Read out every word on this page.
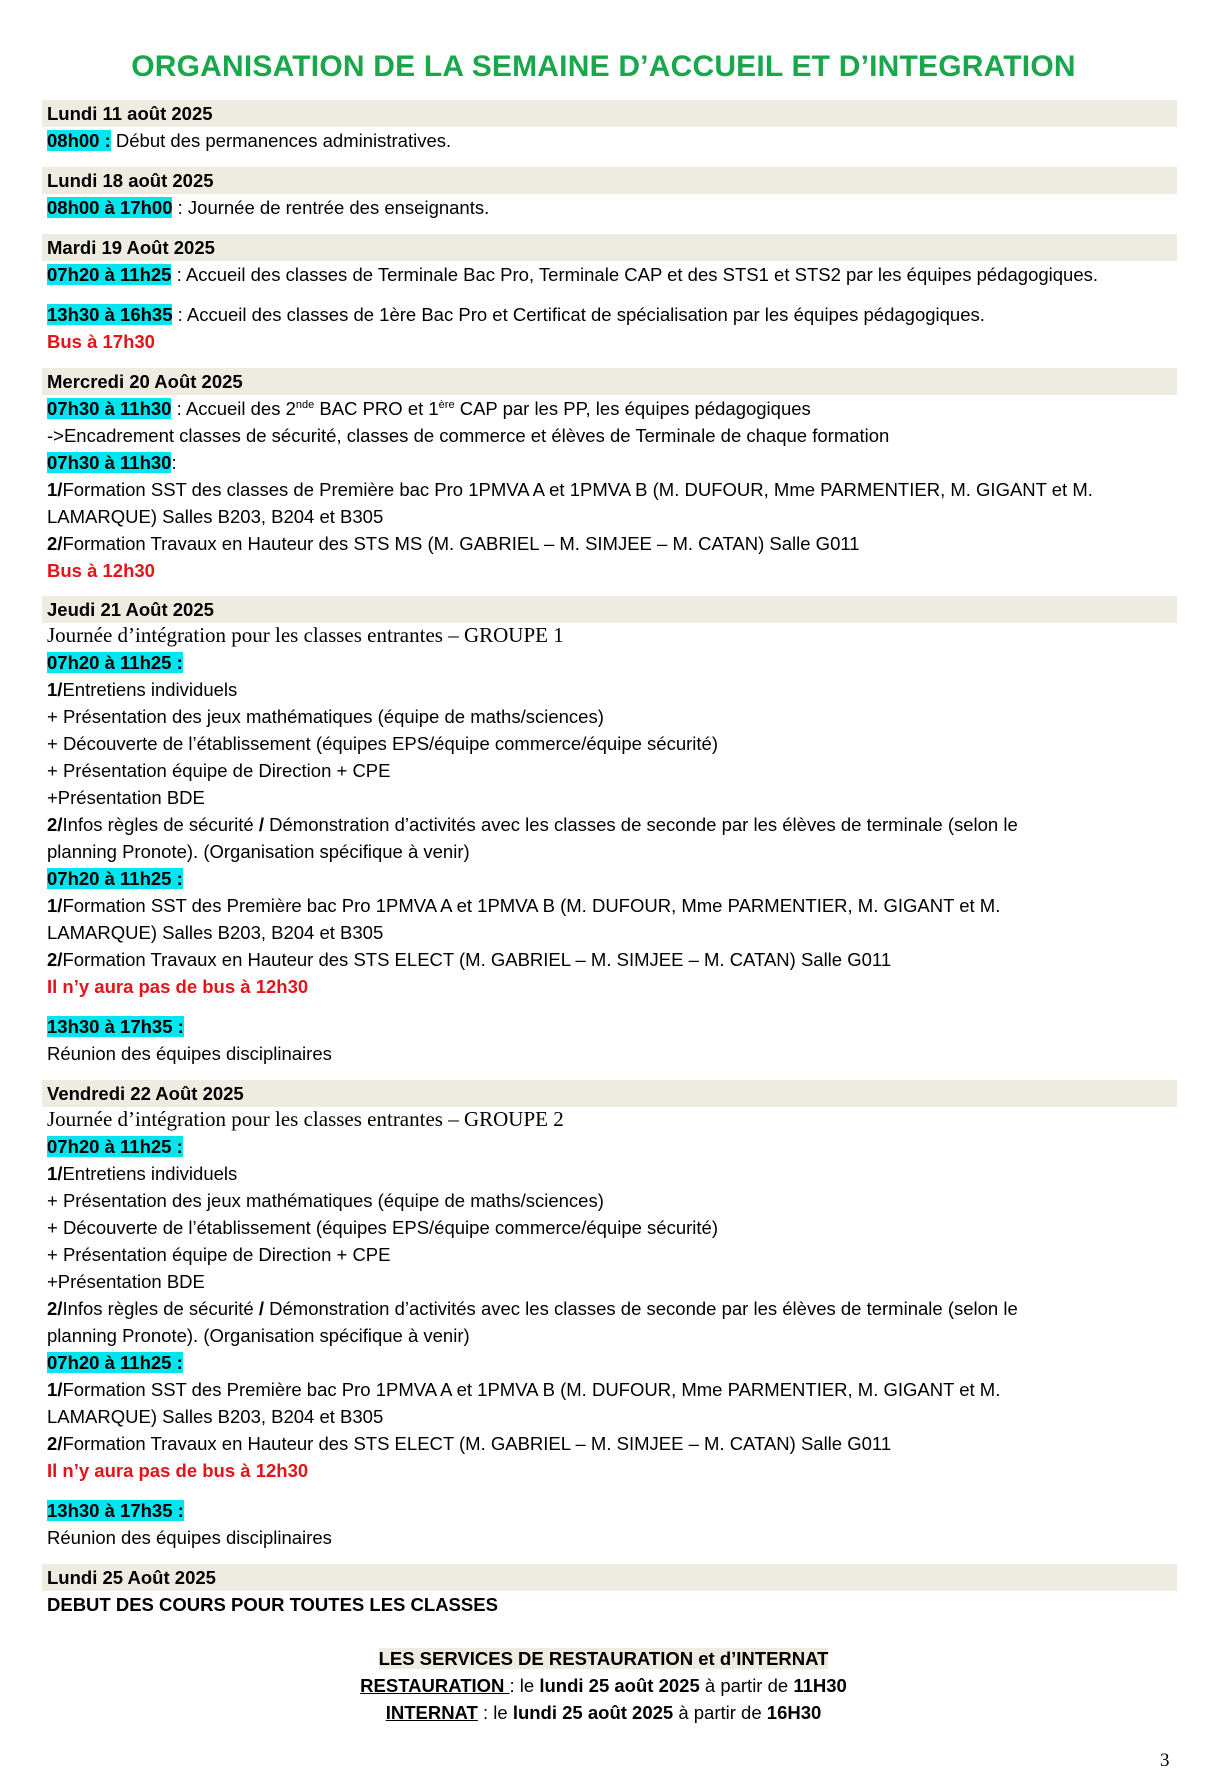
ORGANISATION DE LA SEMAINE D’ACCUEIL ET D’INTEGRATION
Lundi 11 août 2025
08h00 : Début des permanences administratives.
Lundi 18 août 2025
08h00 à 17h00 : Journée de rentrée des enseignants.
Mardi 19 Août 2025
07h20 à 11h25 : Accueil des classes de Terminale Bac Pro, Terminale CAP et des STS1 et STS2 par les équipes pédagogiques.
13h30 à 16h35 : Accueil des classes de 1ère Bac Pro et Certificat de spécialisation par les équipes pédagogiques.
Bus à 17h30
Mercredi 20 Août 2025
07h30 à 11h30 : Accueil des 2nde BAC PRO et 1ère CAP par les PP, les équipes pédagogiques
->Encadrement classes de sécurité, classes de commerce et élèves de Terminale de chaque formation
07h30 à 11h30:
1/Formation SST des classes de Première bac Pro 1PMVA A et 1PMVA B (M. DUFOUR, Mme PARMENTIER, M. GIGANT et M.
LAMARQUE) Salles B203, B204 et B305
2/Formation Travaux en Hauteur des STS MS (M. GABRIEL – M. SIMJEE – M. CATAN) Salle G011
Bus à 12h30
Jeudi 21 Août 2025
Journée d’intégration pour les classes entrantes – GROUPE 1
07h20 à 11h25 :
1/Entretiens individuels
+ Présentation des jeux mathématiques (équipe de maths/sciences)
+ Découverte de l’établissement (équipes EPS/équipe commerce/équipe sécurité)
+ Présentation équipe de Direction + CPE
+Présentation BDE
2/Infos règles de sécurité / Démonstration d’activités avec les classes de seconde par les élèves de terminale (selon le
planning Pronote). (Organisation spécifique à venir)
07h20 à 11h25 :
1/Formation SST des Première bac Pro 1PMVA A et 1PMVA B (M. DUFOUR, Mme PARMENTIER, M. GIGANT et M.
LAMARQUE) Salles B203, B204 et B305
2/Formation Travaux en Hauteur des STS ELECT (M. GABRIEL – M. SIMJEE – M. CATAN) Salle G011
Il n’y aura pas de bus à 12h30
13h30 à 17h35 :
Réunion des équipes disciplinaires
Vendredi 22 Août 2025
Journée d’intégration pour les classes entrantes – GROUPE 2
07h20 à 11h25 :
1/Entretiens individuels
+ Présentation des jeux mathématiques (équipe de maths/sciences)
+ Découverte de l’établissement (équipes EPS/équipe commerce/équipe sécurité)
+ Présentation équipe de Direction + CPE
+Présentation BDE
2/Infos règles de sécurité / Démonstration d’activités avec les classes de seconde par les élèves de terminale (selon le
planning Pronote). (Organisation spécifique à venir)
07h20 à 11h25 :
1/Formation SST des Première bac Pro 1PMVA A et 1PMVA B (M. DUFOUR, Mme PARMENTIER, M. GIGANT et M.
LAMARQUE) Salles B203, B204 et B305
2/Formation Travaux en Hauteur des STS ELECT (M. GABRIEL – M. SIMJEE – M. CATAN) Salle G011
Il n’y aura pas de bus à 12h30
13h30 à 17h35 :
Réunion des équipes disciplinaires
Lundi 25 Août 2025
DEBUT DES COURS POUR TOUTES LES CLASSES
LES SERVICES DE RESTAURATION et d’INTERNAT
RESTAURATION : le lundi 25 août 2025 à partir de 11H30
INTERNAT : le lundi 25 août 2025 à partir de 16H30
3
